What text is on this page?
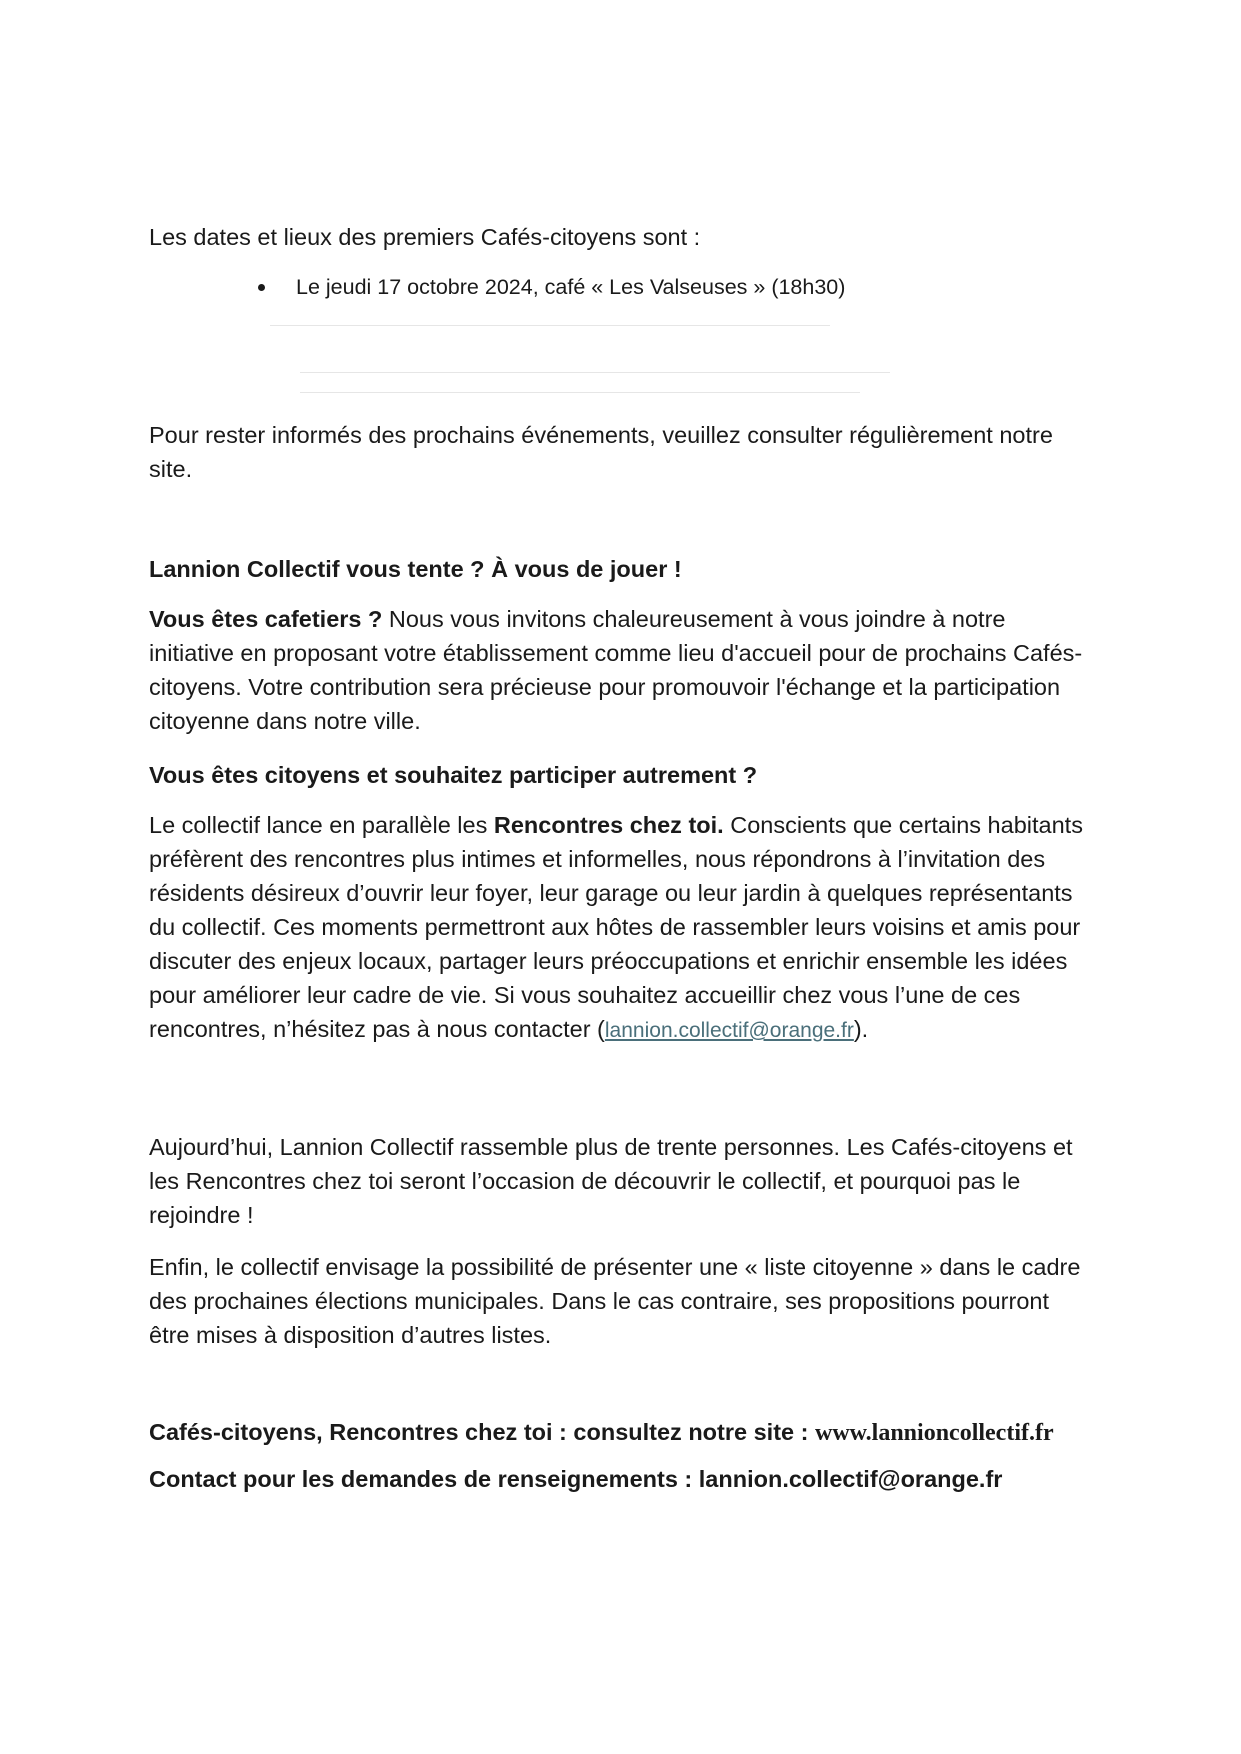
Les dates et lieux des premiers Cafés-citoyens sont :

Le jeudi 17 octobre 2024, café « Les Valseuses » (18h30)

Pour rester informés des prochains événements, veuillez consulter régulièrement notre site.

Lannion Collectif vous tente ? À vous de jouer !

Vous êtes cafetiers ? Nous vous invitons chaleureusement à vous joindre à notre initiative en proposant votre établissement comme lieu d'accueil pour de prochains Cafés-citoyens. Votre contribution sera précieuse pour promouvoir l'échange et la participation citoyenne dans notre ville.

Vous êtes citoyens et souhaitez participer autrement ?

Le collectif lance en parallèle les Rencontres chez toi. Conscients que certains habitants préfèrent des rencontres plus intimes et informelles, nous répondrons à l’invitation des résidents désireux d’ouvrir leur foyer, leur garage ou leur jardin à quelques représentants du collectif. Ces moments permettront aux hôtes de rassembler leurs voisins et amis pour discuter des enjeux locaux, partager leurs préoccupations et enrichir ensemble les idées pour améliorer leur cadre de vie. Si vous souhaitez accueillir chez vous l’une de ces rencontres, n’hésitez pas à nous contacter (lannion.collectif@orange.fr).

Aujourd’hui, Lannion Collectif rassemble plus de trente personnes. Les Cafés-citoyens et les Rencontres chez toi seront l’occasion de découvrir le collectif, et pourquoi pas le rejoindre !

Enfin, le collectif envisage la possibilité de présenter une « liste citoyenne » dans le cadre des prochaines élections municipales. Dans le cas contraire, ses propositions pourront être mises à disposition d’autres listes.

Cafés-citoyens, Rencontres chez toi : consultez notre site : www.lannioncollectif.fr

Contact pour les demandes de renseignements : lannion.collectif@orange.fr
